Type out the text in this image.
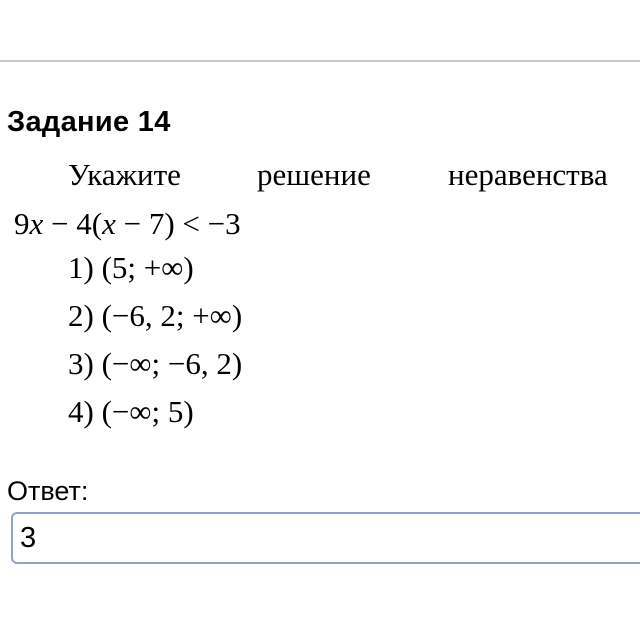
Задание 14
Укажите решение неравенства
9x − 4(x − 7) < −3
1) (5; +∞)
2) (−6, 2; +∞)
3) (−∞; −6, 2)
4) (−∞; 5)
Ответ:
3
